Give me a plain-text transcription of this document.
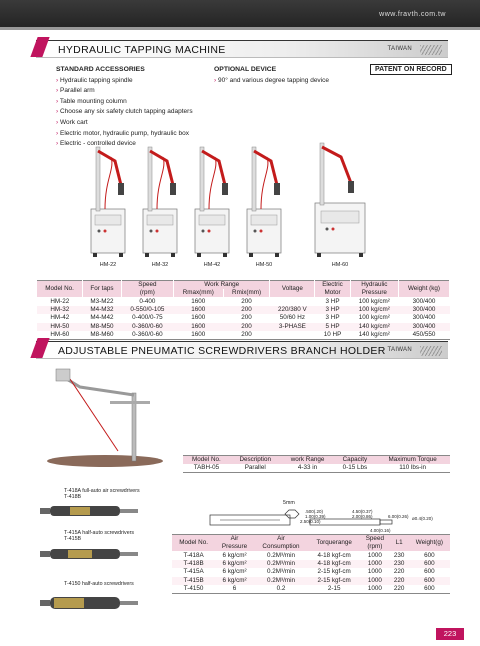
www.fravth.com.tw
HYDRAULIC TAPPING MACHINE	TAIWAN
STANDARD ACCESSORIES
› Hydraulic tapping spindle
› Parallel arm
› Table mounting column
› Choose any six safety clutch tapping adapters
› Work cart
› Electric motor, hydraulic pump, hydraulic box
› Electric - controlled device
OPTIONAL DEVICE
› 90° and various degree tapping device
PATENT ON RECORD
HM-22	HM-32	HM-42	HM-50	HM-60
Model No.	For taps	Speed	Work Range		Voltage	Electric	Hydraulic	Weight (kg)
		(rpm)	Rmax(mm)	Rmix(mm)		Motor	Pressure	
HM-22	M3-M22	0-400	1600	200		3 HP	100 kg/cm²	300/400
HM-32	M4-M32	0-550/0-105	1600	200	220/380 V	3 HP	100 kg/cm²	300/400
HM-42	M4-M42	0-400/0-75	1600	200	50/60 Hz	3 HP	100 kg/cm²	300/400
HM-50	M8-M50	0-360/0-60	1600	200	3-PHASE	5 HP	140 kg/cm²	300/400
HM-60	M8-M60	0-360/0-60	1600	200		10 HP	140 kg/cm²	450/550
ADJUSTABLE PNEUMATIC SCREWDRIVERS BRANCH HOLDER TAIWAN
Model No.	Description	work Range	Capacity	Maximum Torque
TABH-05	Parallel	4-33 in	0-15 Lbs	110 lbs-in
T-418A full-auto air screwdrivers
T-418B
T-415A half-auto screwdrivers
T-415B
T-4150 half-auto screwdrivers
5mm
.500(.20)
1.00(0.39)
2.50(0.10)
4.50(0.37)
2.00(0.86)	6.00(0.26) ø0.4(0.20)
4.00(0.16)
Model No.	Air	Air	Torquerange	Speed	L1	Weight(g)
	Pressure	Consumption		(rpm)		
T-418A	6 kg/cm²	0.2M³/min	4-18 kgf-cm	1000	230	600
T-418B	6 kg/cm²	0.2M³/min	4-18 kgf-cm	1000	230	600
T-415A	6 kg/cm²	0.2M³/min	2-15 kgf-cm	1000	220	600
T-415B	6 kg/cm²	0.2M³/min	2-15 kgf-cm	1000	220	600
T-4150	6	0.2	2-15	1000	220	600
223
